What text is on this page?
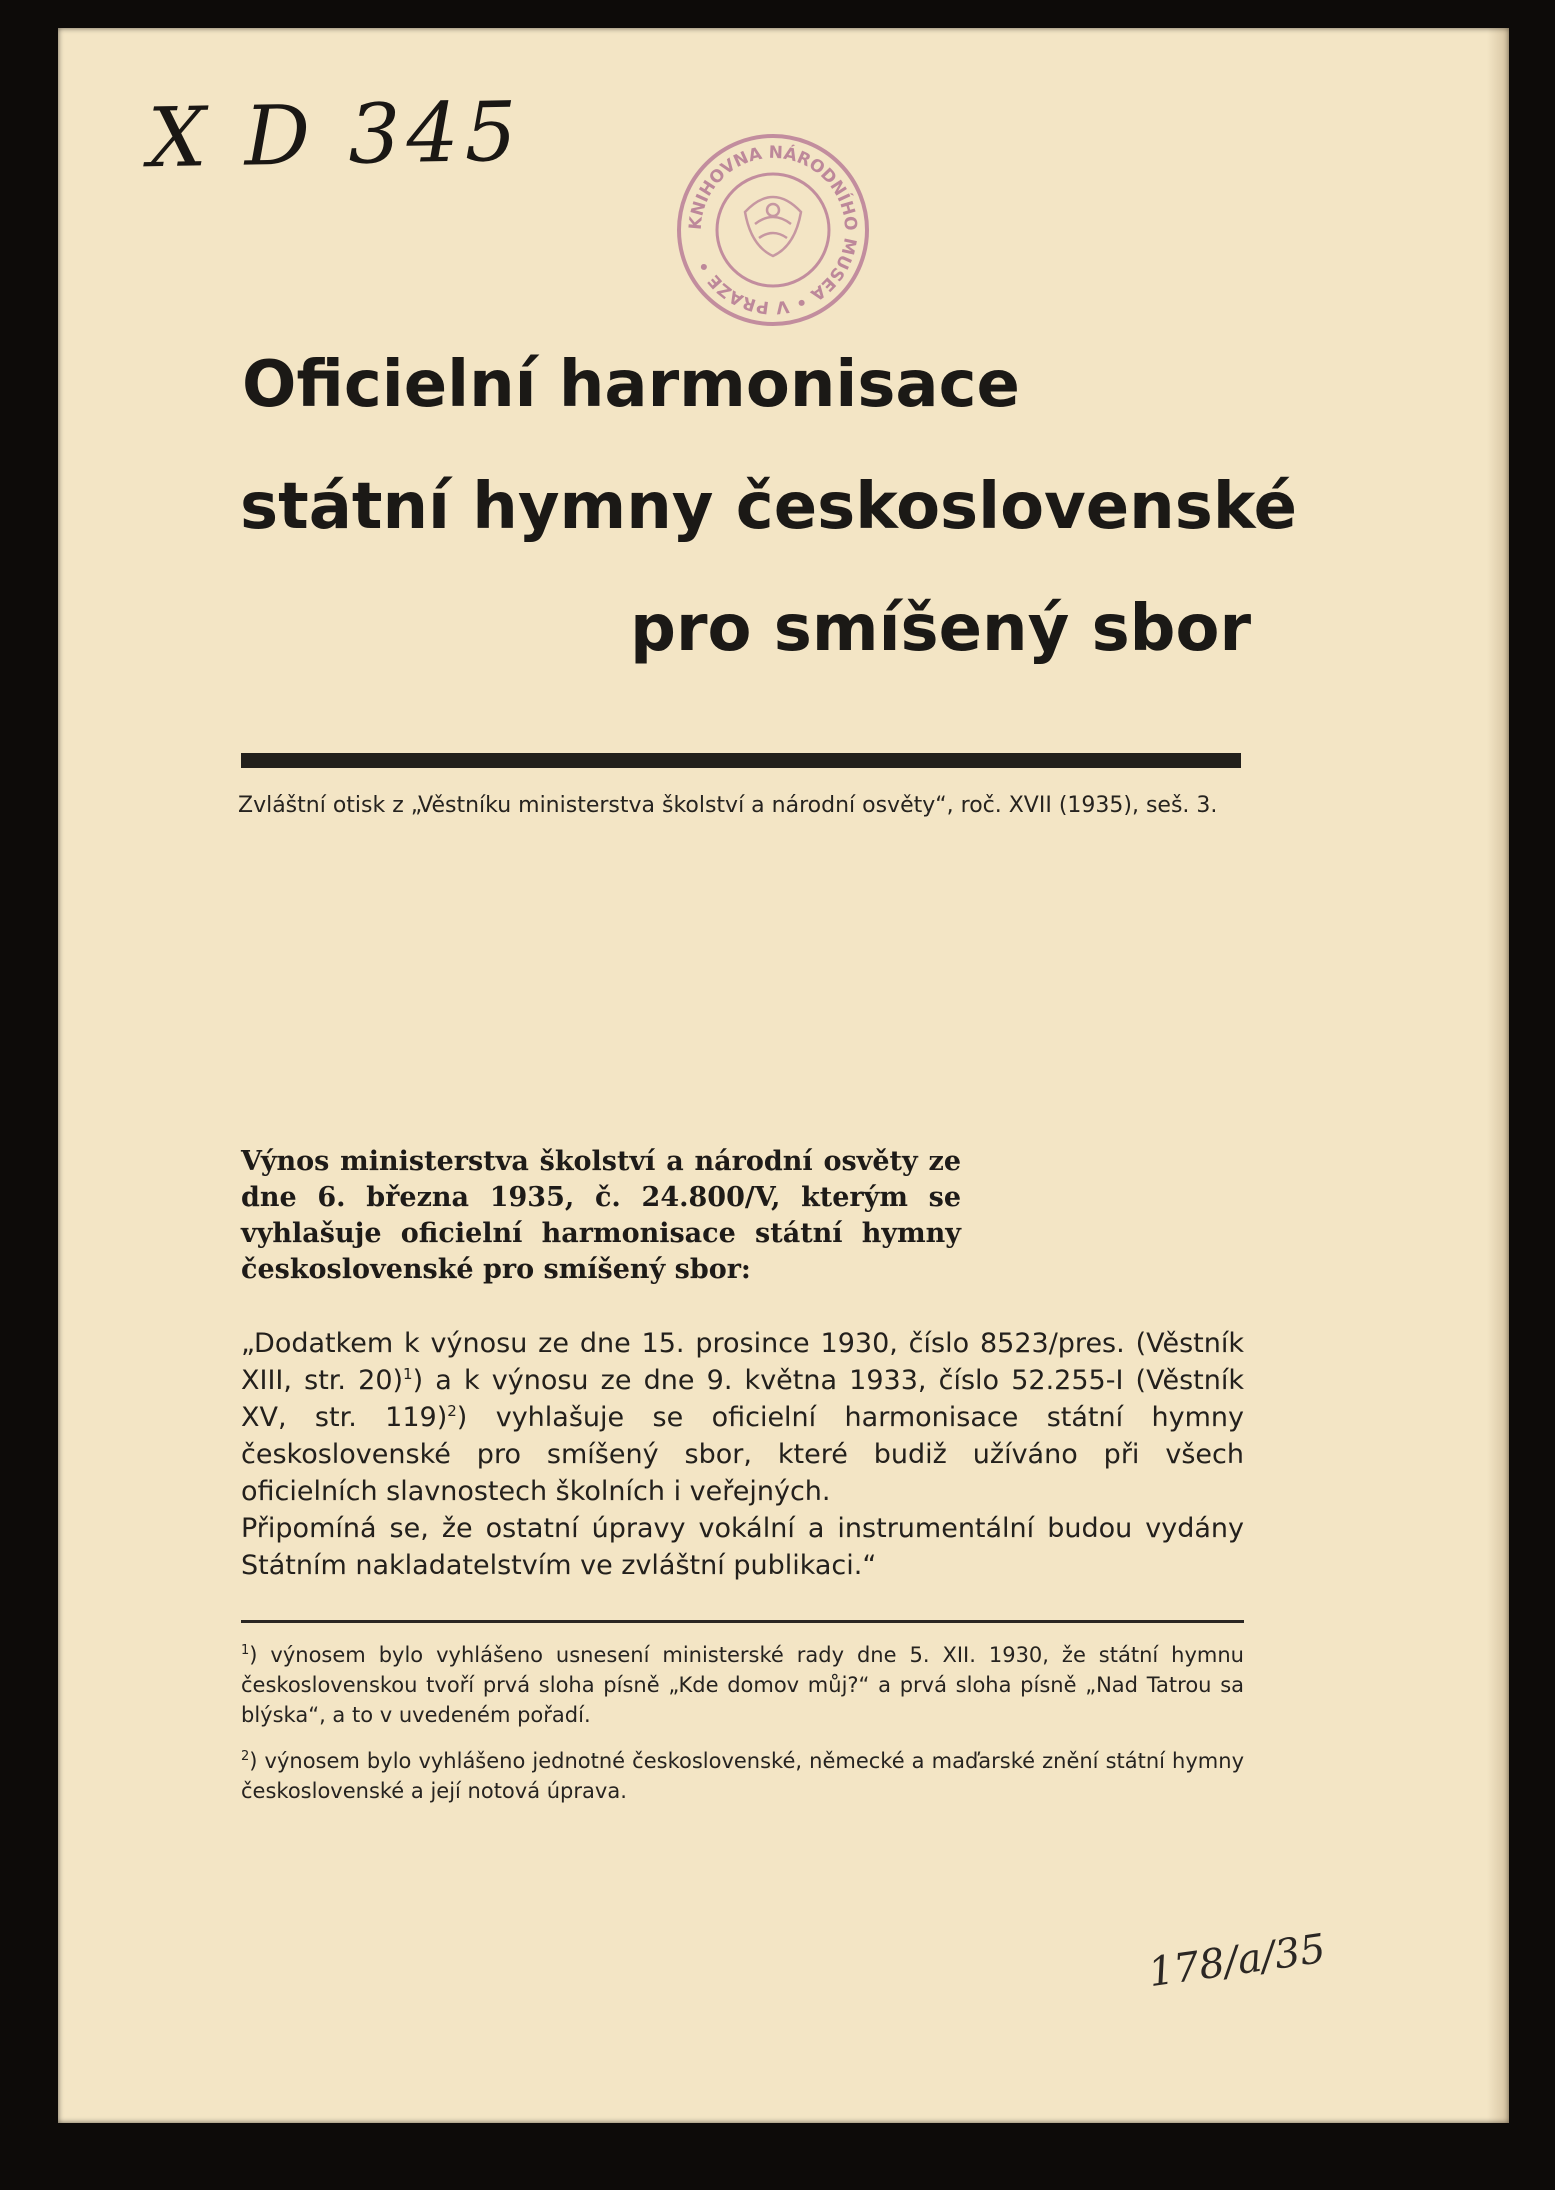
X D 345
KNIHOVNA NÁRODNÍHO MUSEA • V PRAZE •
Oficielní harmonisace
státní hymny československé
pro smíšený sbor
Zvláštní otisk z „Věstníku ministerstva školství a národní osvěty“, roč. XVII (1935), seš. 3.
Výnos ministerstva školství a národní osvěty ze dne 6. března 1935, č. 24.800/V, kterým se vyhlašuje oficielní harmonisace státní hymny československé pro smíšený sbor:

„Dodatkem k výnosu ze dne 15. prosince 1930, číslo 8523/pres. (Věstník XIII, str. 20)$^1$) a k výnosu ze dne 9. května 1933, číslo 52.255-I (Věstník XV, str. 119)$^2$) vyhlašuje se oficielní harmonisace státní hymny československé pro smíšený sbor, které budiž užíváno při všech oficielních slavnostech školních i veřejných.

Připomíná se, že ostatní úpravy vokální a instrumentální budou vydány Státním nakladatelstvím ve zvláštní publikaci.“

$^1$) výnosem bylo vyhlášeno usnesení ministerské rady dne 5. XII. 1930, že státní hymnu československou tvoří prvá sloha písně „Kde domov můj?“ a prvá sloha písně „Nad Tatrou sa blýska“, a to v uvedeném pořadí.

$^2$) výnosem bylo vyhlášeno jednotné československé, německé a maďarské znění státní hymny československé a její notová úprava.

178/a/35
